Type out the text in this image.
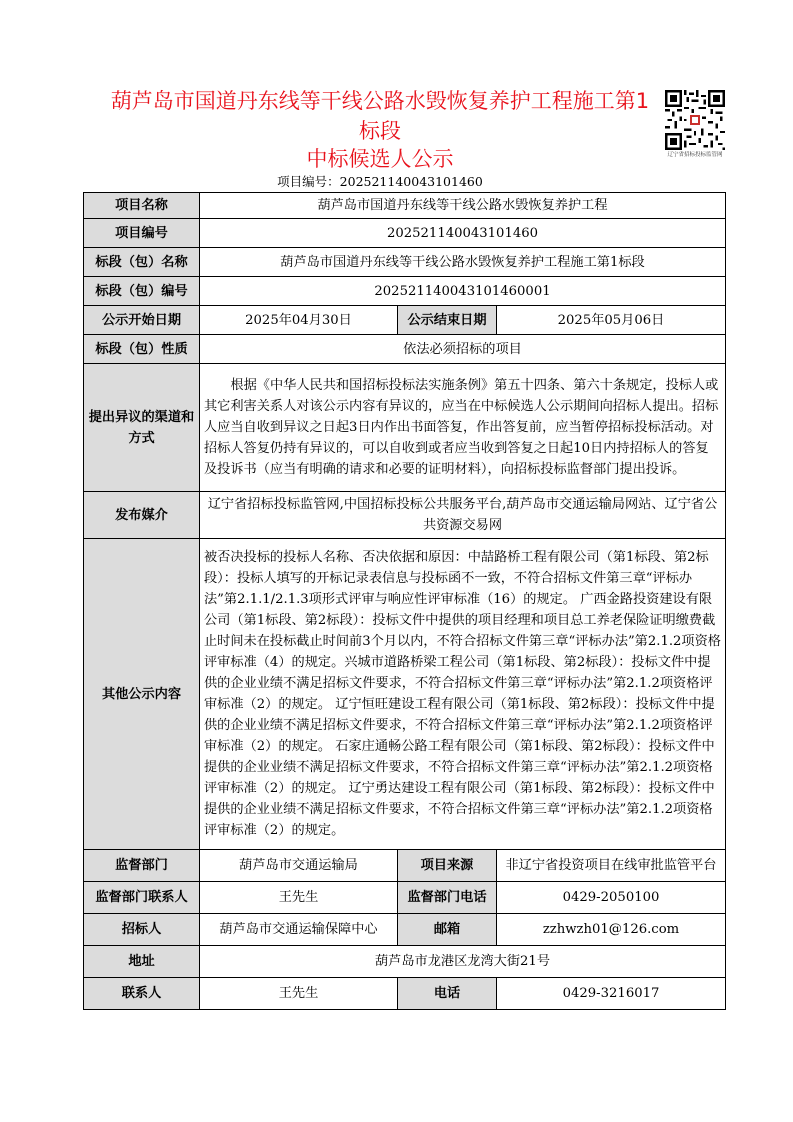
葫芦岛市国道丹东线等干线公路水毁恢复养护工程施工第1标段
中标候选人公示
项目编号：202521140043101460
辽宁省招标投标监管网
项目名称	葫芦岛市国道丹东线等干线公路水毁恢复养护工程		
项目编号	202521140043101460		
标段（包）名称	葫芦岛市国道丹东线等干线公路水毁恢复养护工程施工第1标段		
标段（包）编号	202521140043101460001		
公示开始日期	2025年04月30日	公示结束日期	2025年05月06日
标段（包）性质	依法必须招标的项目		
提出异议的渠道和方式	根据《中华人民共和国招标投标法实施条例》第五十四条、第六十条规定，投标人或其它利害关系人对该公示内容有异议的，应当在中标候选人公示期间向招标人提出。招标人应当自收到异议之日起3日内作出书面答复，作出答复前，应当暂停招标投标活动。对招标人答复仍持有异议的，可以自收到或者应当收到答复之日起10日内持招标人的答复及投诉书（应当有明确的请求和必要的证明材料），向招标投标监督部门提出投诉。		

发布媒介	辽宁省招标投标监管网,中国招标投标公共服务平台,葫芦岛市交通运输局网站、辽宁省公共资源交易网		
其他公示内容	被否决投标的投标人名称、否决依据和原因：中喆路桥工程有限公司（第1标段、第2标段）：投标人填写的开标记录表信息与投标函不一致，不符合招标文件第三章“评标办法”第2.1.1/2.1.3项形式评审与响应性评审标准（16）的规定。 广西金路投资建设有限公司（第1标段、第2标段）：投标文件中提供的项目经理和项目总工养老保险证明缴费截止时间未在投标截止时间前3个月以内，不符合招标文件第三章“评标办法”第2.1.2项资格评审标准（4）的规定。兴城市道路桥梁工程公司（第1标段、第2标段）：投标文件中提供的企业业绩不满足招标文件要求，不符合招标文件第三章“评标办法”第2.1.2项资格评审标准（2）的规定。 辽宁恒旺建设工程有限公司（第1标段、第2标段）：投标文件中提供的企业业绩不满足招标文件要求，不符合招标文件第三章“评标办法”第2.1.2项资格评审标准（2）的规定。 石家庄通畅公路工程有限公司（第1标段、第2标段）：投标文件中提供的企业业绩不满足招标文件要求，不符合招标文件第三章“评标办法”第2.1.2项资格评审标准（2）的规定。 辽宁勇达建设工程有限公司（第1标段、第2标段）：投标文件中提供的企业业绩不满足招标文件要求，不符合招标文件第三章“评标办法”第2.1.2项资格评审标准（2）的规定。		
监督部门	葫芦岛市交通运输局	项目来源	非辽宁省投资项目在线审批监管平台
监督部门联系人	王先生	监督部门电话	0429-2050100
招标人	葫芦岛市交通运输保障中心	邮箱	zzhwzh01@126.com
地址	葫芦岛市龙港区龙湾大街21号		
联系人	王先生	电话	0429-3216017
